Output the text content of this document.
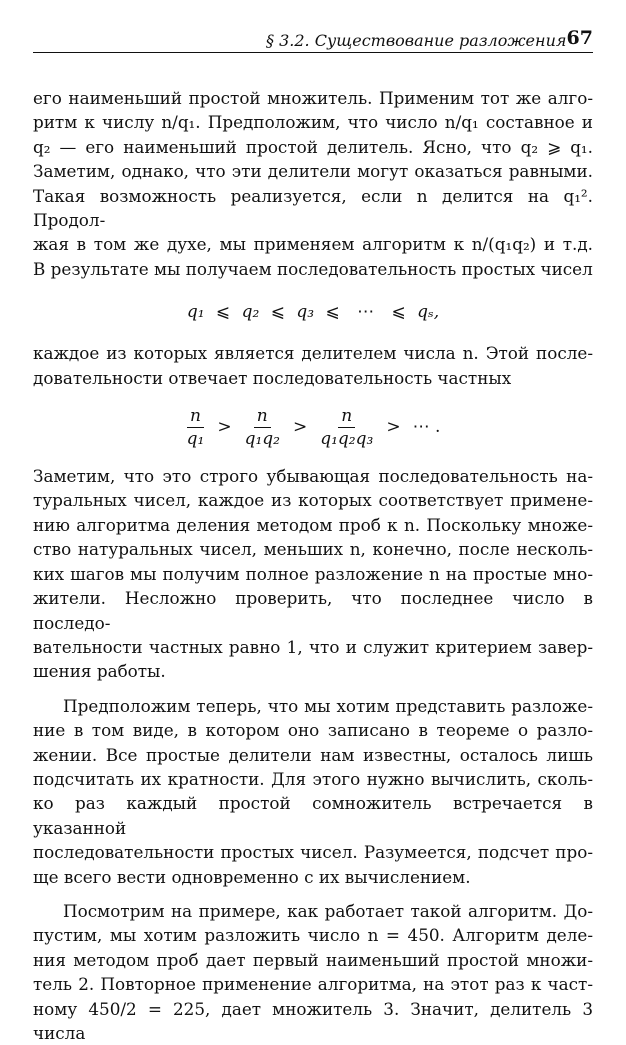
§ 3.2. Существование разложения 67

его наименьший простой множитель. Применим тот же алго-

ритм к числу n/q₁. Предположим, что число n/q₁ составное и

q₂ — его наименьший простой делитель. Ясно, что q₂ ⩾ q₁.

Заметим, однако, что эти делители могут оказаться равными.

Такая возможность реализуется, если n делится на q₁². Продол-

жая в том же духе, мы применяем алгоритм к n/(q₁q₂) и т.д.

В результате мы получаем последовательность простых чисел

q₁ ⩽ q₂ ⩽ q₃ ⩽ ⋯ ⩽ qₛ,

каждое из которых является делителем числа n. Этой после-

довательности отвечает последовательность частных

$\frac{n}{\text{q₁}} > \frac{n}{\text{q₁q₂}} > \frac{n}{\text{q₁q₂q₃}}$ > ⋯ .

Заметим, что это строго убывающая последовательность на-

туральных чисел, каждое из которых соответствует примене-

нию алгоритма деления методом проб к n. Поскольку множе-

ство натуральных чисел, меньших n, конечно, после несколь-

ких шагов мы получим полное разложение n на простые мно-

жители. Несложно проверить, что последнее число в последо-

вательности частных равно 1, что и служит критерием завер-

шения работы.

Предположим теперь, что мы хотим представить разложе-

ние в том виде, в котором оно записано в теореме о разло-

жении. Все простые делители нам известны, осталось лишь

подсчитать их кратности. Для этого нужно вычислить, сколь-

ко раз каждый простой сомножитель встречается в указанной

последовательности простых чисел. Разумеется, подсчет про-

ще всего вести одновременно с их вычислением.

Посмотрим на примере, как работает такой алгоритм. До-

пустим, мы хотим разложить число n = 450. Алгоритм деле-

ния методом проб дает первый наименьший простой множи-

тель 2. Повторное применение алгоритма, на этот раз к част-

ному 450/2 = 225, дает множитель 3. Значит, делитель 3 числа
